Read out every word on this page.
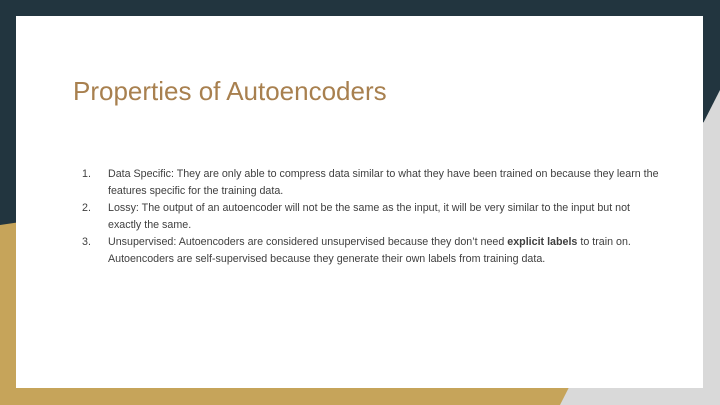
Properties of Autoencoders
1. Data Specific: They are only able to compress data similar to what they have been trained on because they learn the features specific for the training data.
2. Lossy: The output of an autoencoder will not be the same as the input, it will be very similar to the input but not exactly the same.
3. Unsupervised: Autoencoders are considered unsupervised because they don’t need explicit labels to train on. Autoencoders are self-supervised because they generate their own labels from training data.
